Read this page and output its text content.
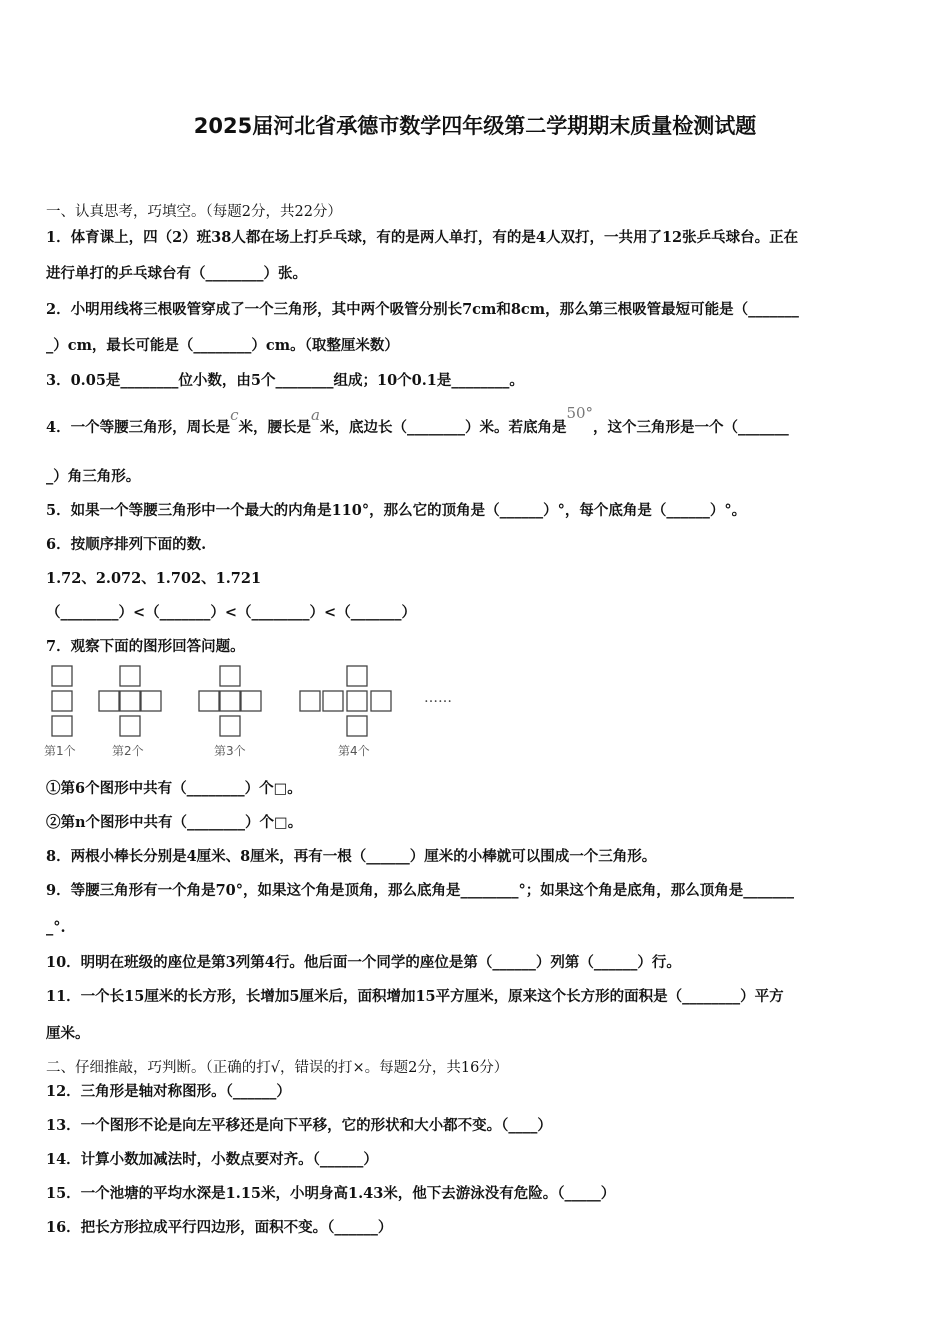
2025届河北省承德市数学四年级第二学期期末质量检测试题
一、认真思考，巧填空。（每题2分，共22分）
1．体育课上，四（2）班38人都在场上打乒乓球，有的是两人单打，有的是4人双打，一共用了12张乒乓球台。正在
进行单打的乒乓球台有（________）张。
2．小明用线将三根吸管穿成了一个三角形，其中两个吸管分别长7cm和8cm，那么第三根吸管最短可能是（_______
_）cm，最长可能是（________）cm。（取整厘米数）
3．0.05是________位小数，由5个________组成；10个0.1是________。
4．一个等腰三角形，周长是c米，腰长是a米，底边长（________）米。若底角是50°，这个三角形是一个（_______
_）角三角形。
5．如果一个等腰三角形中一个最大的内角是110°，那么它的顶角是（______）°，每个底角是（______）°。
6．按顺序排列下面的数.
1.72、2.072、1.702、1.721
（________）<（_______）<（________）<（_______）
7．观察下面的图形回答问题。
……
第1个	第2个	第3个	第4个
①第6个图形中共有（________）个□。
②第n个图形中共有（________）个□。
8．两根小棒长分别是4厘米、8厘米，再有一根（______）厘米的小棒就可以围成一个三角形。
9．等腰三角形有一个角是70°，如果这个角是顶角，那么底角是________°；如果这个角是底角，那么顶角是_______
_°.
10．明明在班级的座位是第3列第4行。他后面一个同学的座位是第（______）列第（______）行。
11．一个长15厘米的长方形，长增加5厘米后，面积增加15平方厘米，原来这个长方形的面积是（________）平方
厘米。
二、仔细推敲，巧判断。（正确的打√，错误的打×。每题2分，共16分）
12．三角形是轴对称图形。（______）
13．一个图形不论是向左平移还是向下平移，它的形状和大小都不变。（____）
14．计算小数加减法时，小数点要对齐。（______）
15．一个池塘的平均水深是1.15米，小明身高1.43米，他下去游泳没有危险。（_____）
16．把长方形拉成平行四边形，面积不变。（______）
